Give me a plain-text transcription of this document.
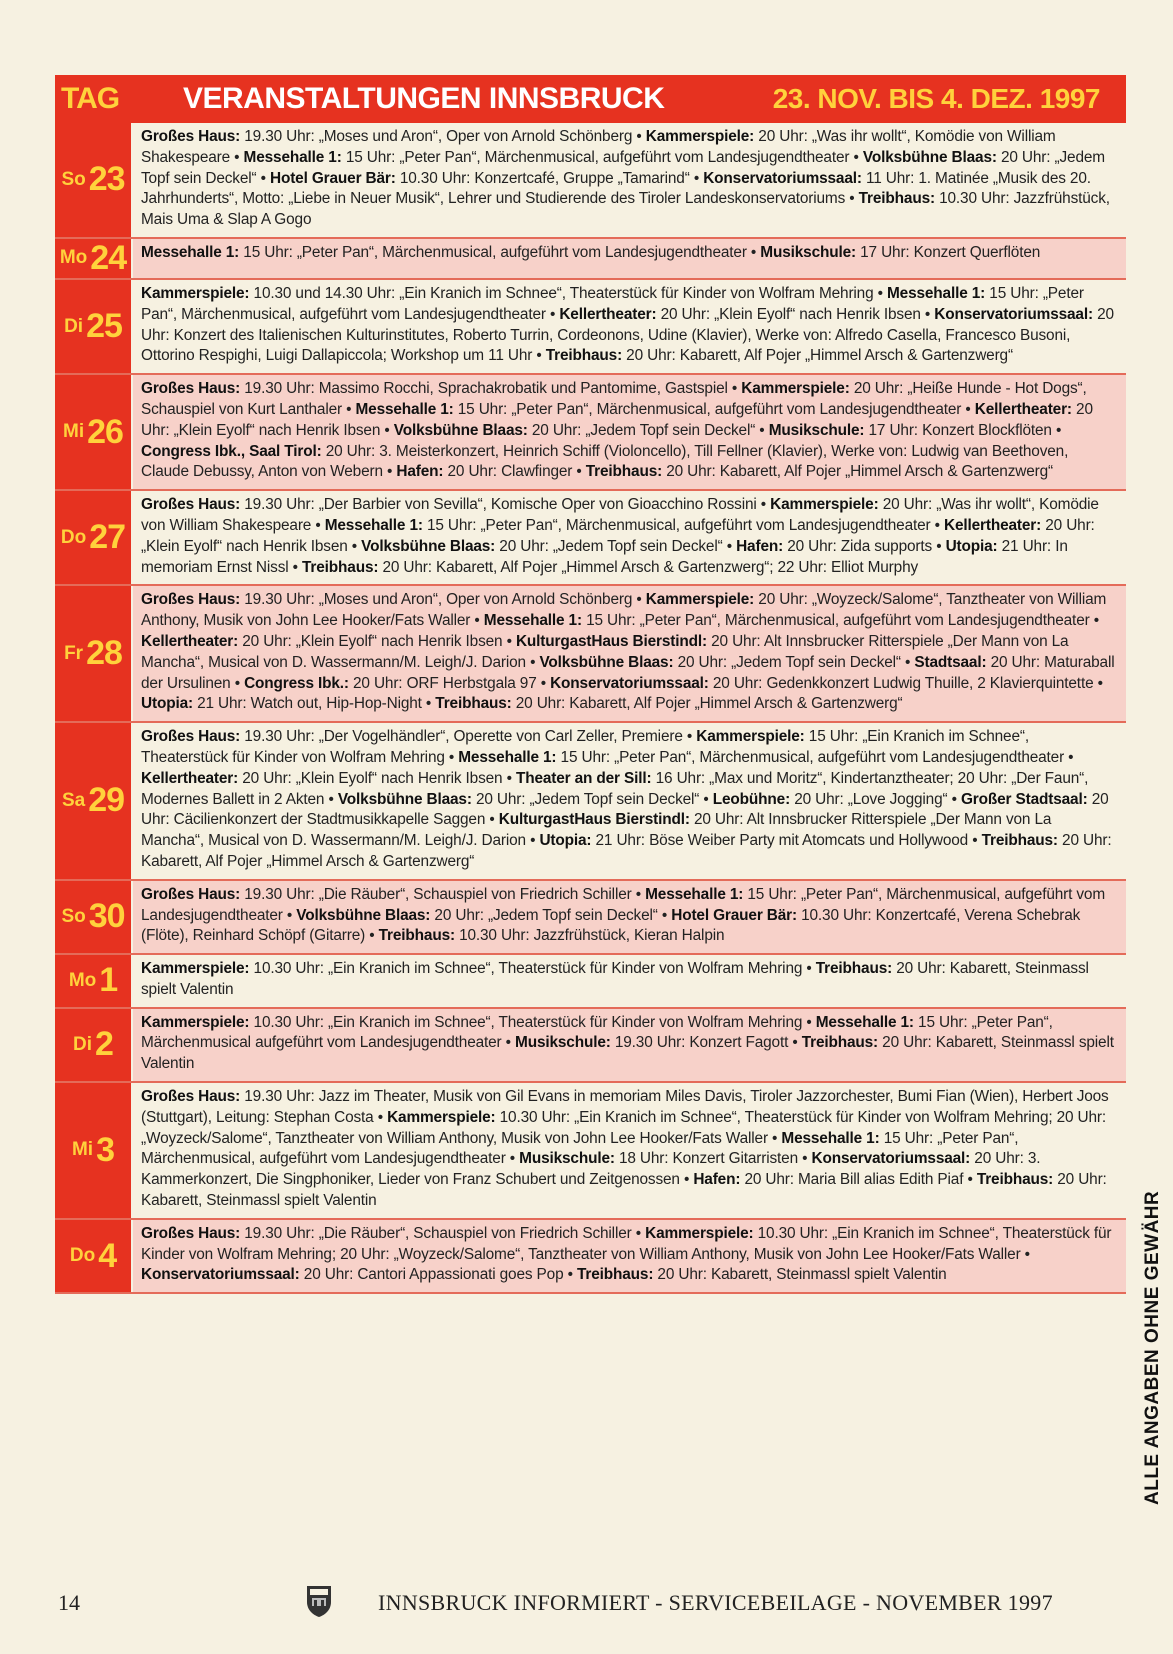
TAG	VERANSTALTUNGEN INNSBRUCK	23. NOV. BIS 4. DEZ. 1997
So 23
Großes Haus: 19.30 Uhr: „Moses und Aron“, Oper von Arnold Schönberg • Kammerspiele: 20 Uhr: „Was ihr wollt“, Komödie von William Shakespeare • Messehalle 1: 15 Uhr: „Peter Pan“, Märchenmusical, aufgeführt vom Landesjugendtheater • Volksbühne Blaas: 20 Uhr: „Jedem Topf sein Deckel“ • Hotel Grauer Bär: 10.30 Uhr: Konzertcafé, Gruppe „Tamarind“ • Konservatoriumssaal: 11 Uhr: 1. Matinée „Musik des 20. Jahrhunderts“, Motto: „Liebe in Neuer Musik“, Lehrer und Studierende des Tiroler Landeskonservatoriums • Treibhaus: 10.30 Uhr: Jazzfrühstück, Mais Uma & Slap A Gogo
Mo 24 Messehalle 1: 15 Uhr: „Peter Pan“, Märchenmusical, aufgeführt vom Landesjugendtheater • Musikschule: 17 Uhr: Konzert Querflöten
Di 25
Kammerspiele: 10.30 und 14.30 Uhr: „Ein Kranich im Schnee“, Theaterstück für Kinder von Wolfram Mehring • Messehalle 1: 15 Uhr: „Peter Pan“, Märchenmusical, aufgeführt vom Landesjugendtheater • Kellertheater: 20 Uhr: „Klein Eyolf“ nach Henrik Ibsen • Konservatoriumssaal: 20 Uhr: Konzert des Italienischen Kulturinstitutes, Roberto Turrin, Cordeonons, Udine (Klavier), Werke von: Alfredo Casella, Francesco Busoni, Ottorino Respighi, Luigi Dallapiccola; Workshop um 11 Uhr • Treibhaus: 20 Uhr: Kabarett, Alf Pojer „Himmel Arsch & Gartenzwerg“
Mi 26
Großes Haus: 19.30 Uhr: Massimo Rocchi, Sprachakrobatik und Pantomime, Gastspiel • Kammerspiele: 20 Uhr: „Heiße Hunde - Hot Dogs“, Schauspiel von Kurt Lanthaler • Messehalle 1: 15 Uhr: „Peter Pan“, Märchenmusical, aufgeführt vom Landesjugendtheater • Kellertheater: 20 Uhr: „Klein Eyolf“ nach Henrik Ibsen • Volksbühne Blaas: 20 Uhr: „Jedem Topf sein Deckel“ • Musikschule: 17 Uhr: Konzert Blockflöten • Congress Ibk., Saal Tirol: 20 Uhr: 3. Meisterkonzert, Heinrich Schiff (Violoncello), Till Fellner (Klavier), Werke von: Ludwig van Beethoven, Claude Debussy, Anton von Webern • Hafen: 20 Uhr: Clawfinger • Treibhaus: 20 Uhr: Kabarett, Alf Pojer „Himmel Arsch & Gartenzwerg“
Do 27
Großes Haus: 19.30 Uhr: „Der Barbier von Sevilla“, Komische Oper von Gioacchino Rossini • Kammerspiele: 20 Uhr: „Was ihr wollt“, Komödie von William Shakespeare • Messehalle 1: 15 Uhr: „Peter Pan“, Märchenmusical, aufgeführt vom Landesjugendtheater • Kellertheater: 20 Uhr: „Klein Eyolf“ nach Henrik Ibsen • Volksbühne Blaas: 20 Uhr: „Jedem Topf sein Deckel“ • Hafen: 20 Uhr: Zida supports • Utopia: 21 Uhr: In memoriam Ernst Nissl • Treibhaus: 20 Uhr: Kabarett, Alf Pojer „Himmel Arsch & Gartenzwerg“; 22 Uhr: Elliot Murphy
Fr 28
Großes Haus: 19.30 Uhr: „Moses und Aron“, Oper von Arnold Schönberg • Kammerspiele: 20 Uhr: „Woyzeck/Salome“, Tanztheater von William Anthony, Musik von John Lee Hooker/Fats Waller • Messehalle 1: 15 Uhr: „Peter Pan“, Märchenmusical, aufgeführt vom Landesjugendtheater • Kellertheater: 20 Uhr: „Klein Eyolf“ nach Henrik Ibsen • KulturgastHaus Bierstindl: 20 Uhr: Alt Innsbrucker Ritterspiele „Der Mann von La Mancha“, Musical von D. Wassermann/M. Leigh/J. Darion • Volksbühne Blaas: 20 Uhr: „Jedem Topf sein Deckel“ • Stadtsaal: 20 Uhr: Maturaball der Ursulinen • Congress Ibk.: 20 Uhr: ORF Herbstgala 97 • Konservatoriumssaal: 20 Uhr: Gedenkkonzert Ludwig Thuille, 2 Klavierquintette • Utopia: 21 Uhr: Watch out, Hip-Hop-Night • Treibhaus: 20 Uhr: Kabarett, Alf Pojer „Himmel Arsch & Gartenzwerg“
Sa 29
Großes Haus: 19.30 Uhr: „Der Vogelhändler“, Operette von Carl Zeller, Premiere • Kammerspiele: 15 Uhr: „Ein Kranich im Schnee“, Theaterstück für Kinder von Wolfram Mehring • Messehalle 1: 15 Uhr: „Peter Pan“, Märchenmusical, aufgeführt vom Landesjugendtheater • Kellertheater: 20 Uhr: „Klein Eyolf“ nach Henrik Ibsen • Theater an der Sill: 16 Uhr: „Max und Moritz“, Kindertanztheater; 20 Uhr: „Der Faun“, Modernes Ballett in 2 Akten • Volksbühne Blaas: 20 Uhr: „Jedem Topf sein Deckel“ • Leobühne: 20 Uhr: „Love Jogging“ • Großer Stadtsaal: 20 Uhr: Cäcilienkonzert der Stadtmusikkapelle Saggen • KulturgastHaus Bierstindl: 20 Uhr: Alt Innsbrucker Ritterspiele „Der Mann von La Mancha“, Musical von D. Wassermann/M. Leigh/J. Darion • Utopia: 21 Uhr: Böse Weiber Party mit Atomcats und Hollywood • Treibhaus: 20 Uhr: Kabarett, Alf Pojer „Himmel Arsch & Gartenzwerg“
So 30
Großes Haus: 19.30 Uhr: „Die Räuber“, Schauspiel von Friedrich Schiller • Messehalle 1: 15 Uhr: „Peter Pan“, Märchenmusical, aufgeführt vom Landesjugendtheater • Volksbühne Blaas: 20 Uhr: „Jedem Topf sein Deckel“ • Hotel Grauer Bär: 10.30 Uhr: Konzertcafé, Verena Schebrak (Flöte), Reinhard Schöpf (Gitarre) • Treibhaus: 10.30 Uhr: Jazzfrühstück, Kieran Halpin
Mo 1	Kammerspiele: 10.30 Uhr: „Ein Kranich im Schnee“, Theaterstück für Kinder von Wolfram Mehring • Treibhaus: 20 Uhr: Kabarett, Steinmassl spielt Valentin
Di 2
Kammerspiele: 10.30 Uhr: „Ein Kranich im Schnee“, Theaterstück für Kinder von Wolfram Mehring • Messehalle 1: 15 Uhr: „Peter Pan“, Märchenmusical aufgeführt vom Landesjugendtheater • Musikschule: 19.30 Uhr: Konzert Fagott • Treibhaus: 20 Uhr: Kabarett, Steinmassl spielt Valentin
Mi 3
Großes Haus: 19.30 Uhr: Jazz im Theater, Musik von Gil Evans in memoriam Miles Davis, Tiroler Jazzorchester, Bumi Fian (Wien), Herbert Joos (Stuttgart), Leitung: Stephan Costa • Kammerspiele: 10.30 Uhr: „Ein Kranich im Schnee“, Theaterstück für Kinder von Wolfram Mehring; 20 Uhr: „Woyzeck/Salome“, Tanztheater von William Anthony, Musik von John Lee Hooker/Fats Waller • Messehalle 1: 15 Uhr: „Peter Pan“, Märchenmusical, aufgeführt vom Landesjugendtheater • Musikschule: 18 Uhr: Konzert Gitarristen • Konservatoriumssaal: 20 Uhr: 3. Kammerkonzert, Die Singphoniker, Lieder von Franz Schubert und Zeitgenossen • Hafen: 20 Uhr: Maria Bill alias Edith Piaf • Treibhaus: 20 Uhr: Kabarett, Steinmassl spielt Valentin
Do 4
Großes Haus: 19.30 Uhr: „Die Räuber“, Schauspiel von Friedrich Schiller • Kammerspiele: 10.30 Uhr: „Ein Kranich im Schnee“, Theaterstück für Kinder von Wolfram Mehring; 20 Uhr: „Woyzeck/Salome“, Tanztheater von William Anthony, Musik von John Lee Hooker/Fats Waller • Konservatoriumssaal: 20 Uhr: Cantori Appassionati goes Pop • Treibhaus: 20 Uhr: Kabarett, Steinmassl spielt Valentin	ALLE ANGABEN OHNE GEWÄHR
14	INNSBRUCK INFORMIERT - SERVICEBEILAGE - NOVEMBER 1997
